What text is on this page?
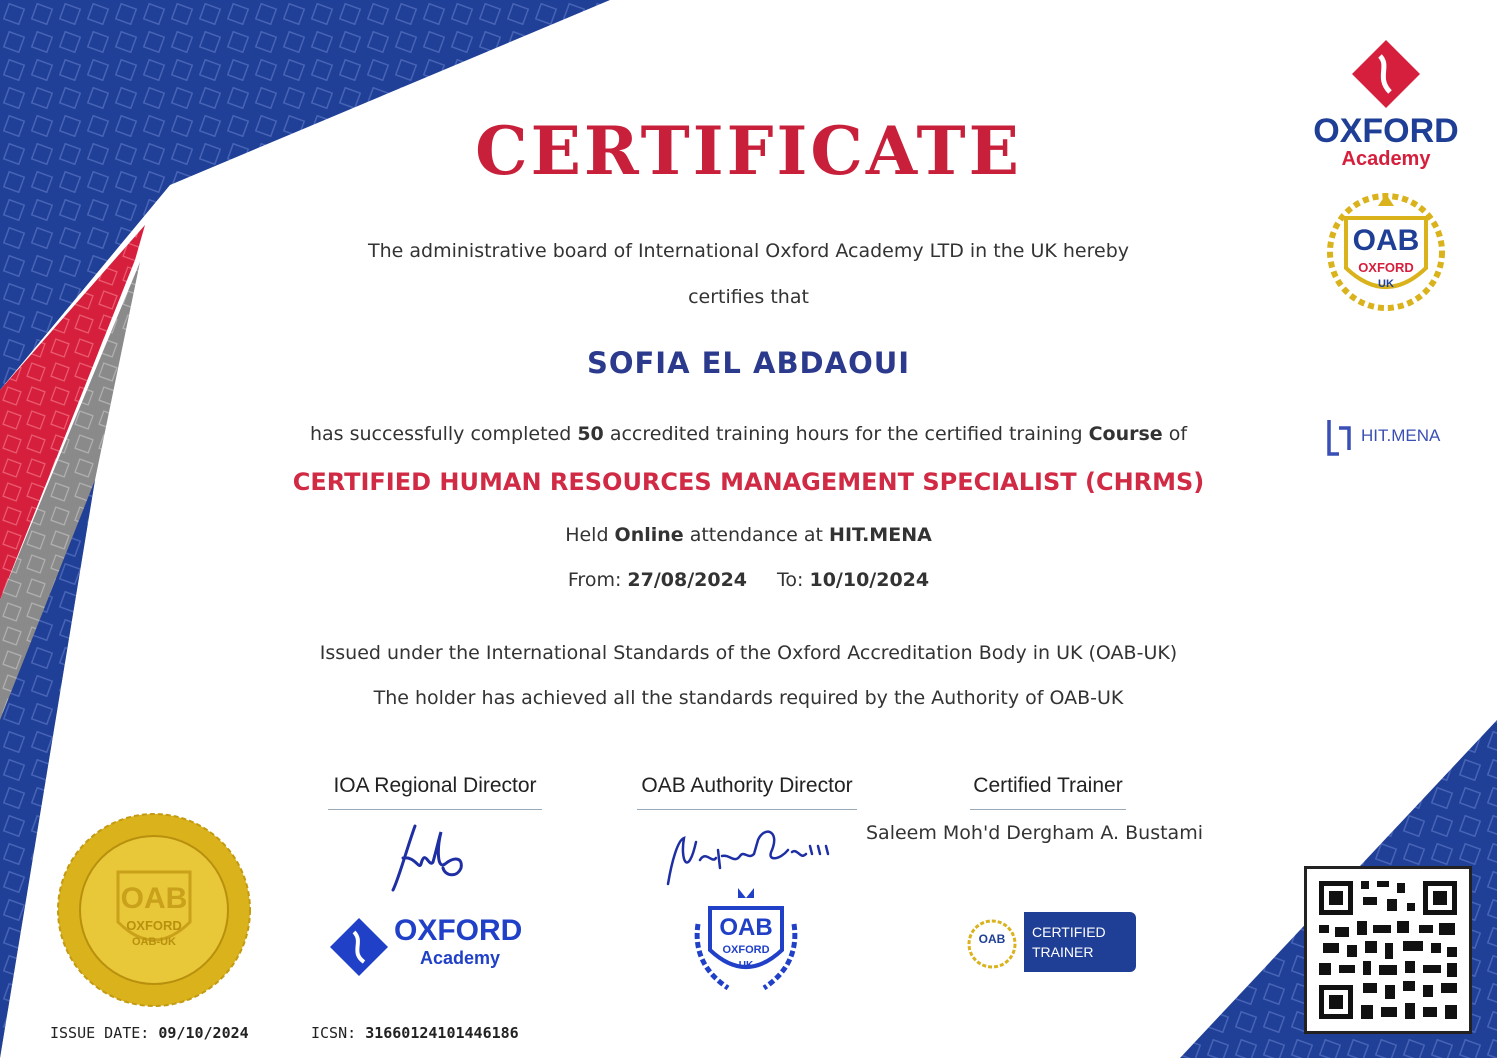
CERTIFICATE
The administrative board of International Oxford Academy LTD in the UK hereby
certifies that
SOFIA EL ABDAOUI
has successfully completed 50 accredited training hours for the certified training Course of
CERTIFIED HUMAN RESOURCES MANAGEMENT SPECIALIST (CHRMS)
Held Online attendance at HIT.MENA
From: 27/08/2024 To: 10/10/2024
Issued under the International Standards of the Oxford Accreditation Body in UK (OAB-UK)
The holder has achieved all the standards required by the Authority of OAB-UK
OXFORD
Academy
OAB
OXFORD
UK
HIT.MENA
IOA Regional Director	OAB Authority Director	Certified Trainer
Saleem Moh'd Dergham A. Bustami
OXFORD
Academy
OAB
OXFORD
UK
OAB	CERTIFIED
TRAINER
OAB
OXFORD
OAB-UK
ISSUE DATE: 09/10/2024	ICSN: 31660124101446186
